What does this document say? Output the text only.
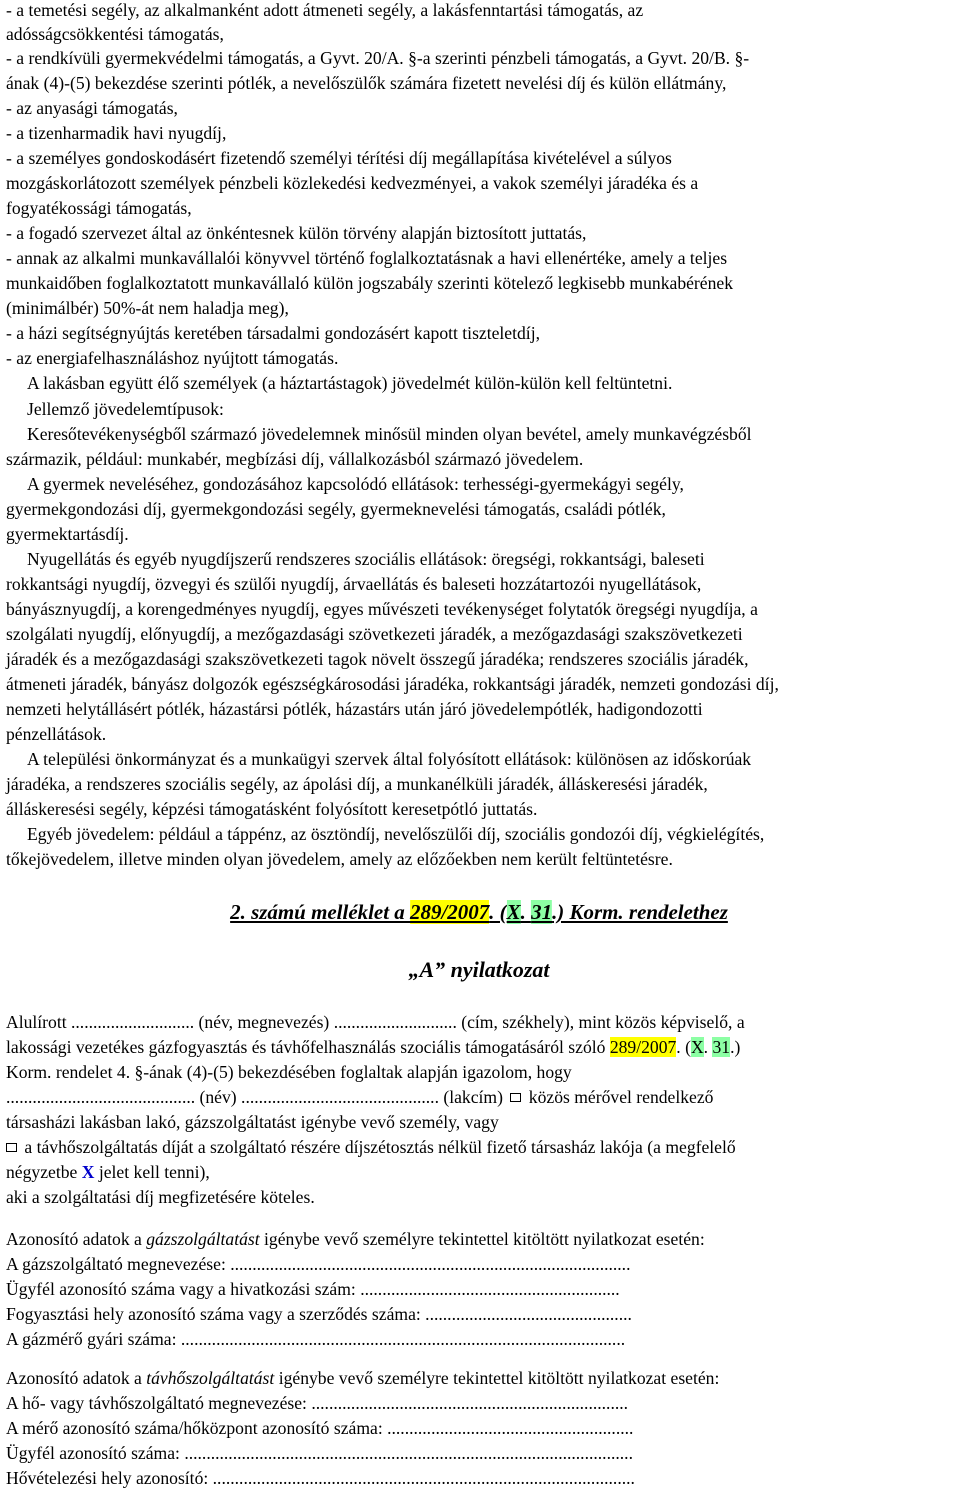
- a temetési segély, az alkalmanként adott átmeneti segély, a lakásfenntartási támogatás, az
adósságcsökkentési támogatás,
- a rendkívüli gyermekvédelmi támogatás, a Gyvt. 20/A. §-a szerinti pénzbeli támogatás, a Gyvt. 20/B. §-
ának (4)-(5) bekezdése szerinti pótlék, a nevelőszülők számára fizetett nevelési díj és külön ellátmány,
- az anyasági támogatás,
- a tizenharmadik havi nyugdíj,
- a személyes gondoskodásért fizetendő személyi térítési díj megállapítása kivételével a súlyos
mozgáskorlátozott személyek pénzbeli közlekedési kedvezményei, a vakok személyi járadéka és a
fogyatékossági támogatás,
- a fogadó szervezet által az önkéntesnek külön törvény alapján biztosított juttatás,
- annak az alkalmi munkavállalói könyvvel történő foglalkoztatásnak a havi ellenértéke, amely a teljes
munkaidőben foglalkoztatott munkavállaló külön jogszabály szerinti kötelező legkisebb munkabérének
(minimálbér) 50%-át nem haladja meg),
- a házi segítségnyújtás keretében társadalmi gondozásért kapott tiszteletdíj,
- az energiafelhasználáshoz nyújtott támogatás.
A lakásban együtt élő személyek (a háztartástagok) jövedelmét külön-külön kell feltüntetni.
Jellemző jövedelemtípusok:
Keresőtevékenységből származó jövedelemnek minősül minden olyan bevétel, amely munkavégzésből
származik, például: munkabér, megbízási díj, vállalkozásból származó jövedelem.
A gyermek neveléséhez, gondozásához kapcsolódó ellátások: terhességi-gyermekágyi segély,
gyermekgondozási díj, gyermekgondozási segély, gyermeknevelési támogatás, családi pótlék,
gyermektartásdíj.
Nyugellátás és egyéb nyugdíjszerű rendszeres szociális ellátások: öregségi, rokkantsági, baleseti
rokkantsági nyugdíj, özvegyi és szülői nyugdíj, árvaellátás és baleseti hozzátartozói nyugellátások,
bányásznyugdíj, a korengedményes nyugdíj, egyes művészeti tevékenységet folytatók öregségi nyugdíja, a
szolgálati nyugdíj, előnyugdíj, a mezőgazdasági szövetkezeti járadék, a mezőgazdasági szakszövetkezeti
járadék és a mezőgazdasági szakszövetkezeti tagok növelt összegű járadéka; rendszeres szociális járadék,
átmeneti járadék, bányász dolgozók egészségkárosodási járadéka, rokkantsági járadék, nemzeti gondozási díj,
nemzeti helytállásért pótlék, házastársi pótlék, házastárs után járó jövedelempótlék, hadigondozotti
pénzellátások.
A települési önkormányzat és a munkaügyi szervek által folyósított ellátások: különösen az időskorúak
járadéka, a rendszeres szociális segély, az ápolási díj, a munkanélküli járadék, álláskeresési járadék,
álláskeresési segély, képzési támogatásként folyósított keresetpótló juttatás.
Egyéb jövedelem: például a táppénz, az ösztöndíj, nevelőszülői díj, szociális gondozói díj, végkielégítés,
tőkejövedelem, illetve minden olyan jövedelem, amely az előzőekben nem került feltüntetésre.
2. számú melléklet a 289/2007. (X. 31.) Korm. rendelethez
„A” nyilatkozat
Alulírott ............................ (név, megnevezés) ............................ (cím, székhely), mint közös képviselő, a
lakossági vezetékes gázfogyasztás és távhőfelhasználás szociális támogatásáról szóló 289/2007. (X. 31.)
Korm. rendelet 4. §-ának (4)-(5) bekezdésében foglaltak alapján igazolom, hogy
........................................... (név) ............................................. (lakcím) közös mérővel rendelkező
társasházi lakásban lakó, gázszolgáltatást igénybe vevő személy, vagy
a távhőszolgáltatás díját a szolgáltató részére díjszétosztás nélkül fizető társasház lakója (a megfelelő
négyzetbe X jelet kell tenni),
aki a szolgáltatási díj megfizetésére köteles.
Azonosító adatok a gázszolgáltatást igénybe vevő személyre tekintettel kitöltött nyilatkozat esetén:
A gázszolgáltató megnevezése: ...........................................................................................
Ügyfél azonosító száma vagy a hivatkozási szám: ...........................................................
Fogyasztási hely azonosító száma vagy a szerződés száma: ...............................................
A gázmérő gyári száma: .....................................................................................................
Azonosító adatok a távhőszolgáltatást igénybe vevő személyre tekintettel kitöltött nyilatkozat esetén:
A hő- vagy távhőszolgáltató megnevezése: ........................................................................
A mérő azonosító száma/hőközpont azonosító száma: ........................................................
Ügyfél azonosító száma: ......................................................................................................
Hővételezési hely azonosító: ................................................................................................
